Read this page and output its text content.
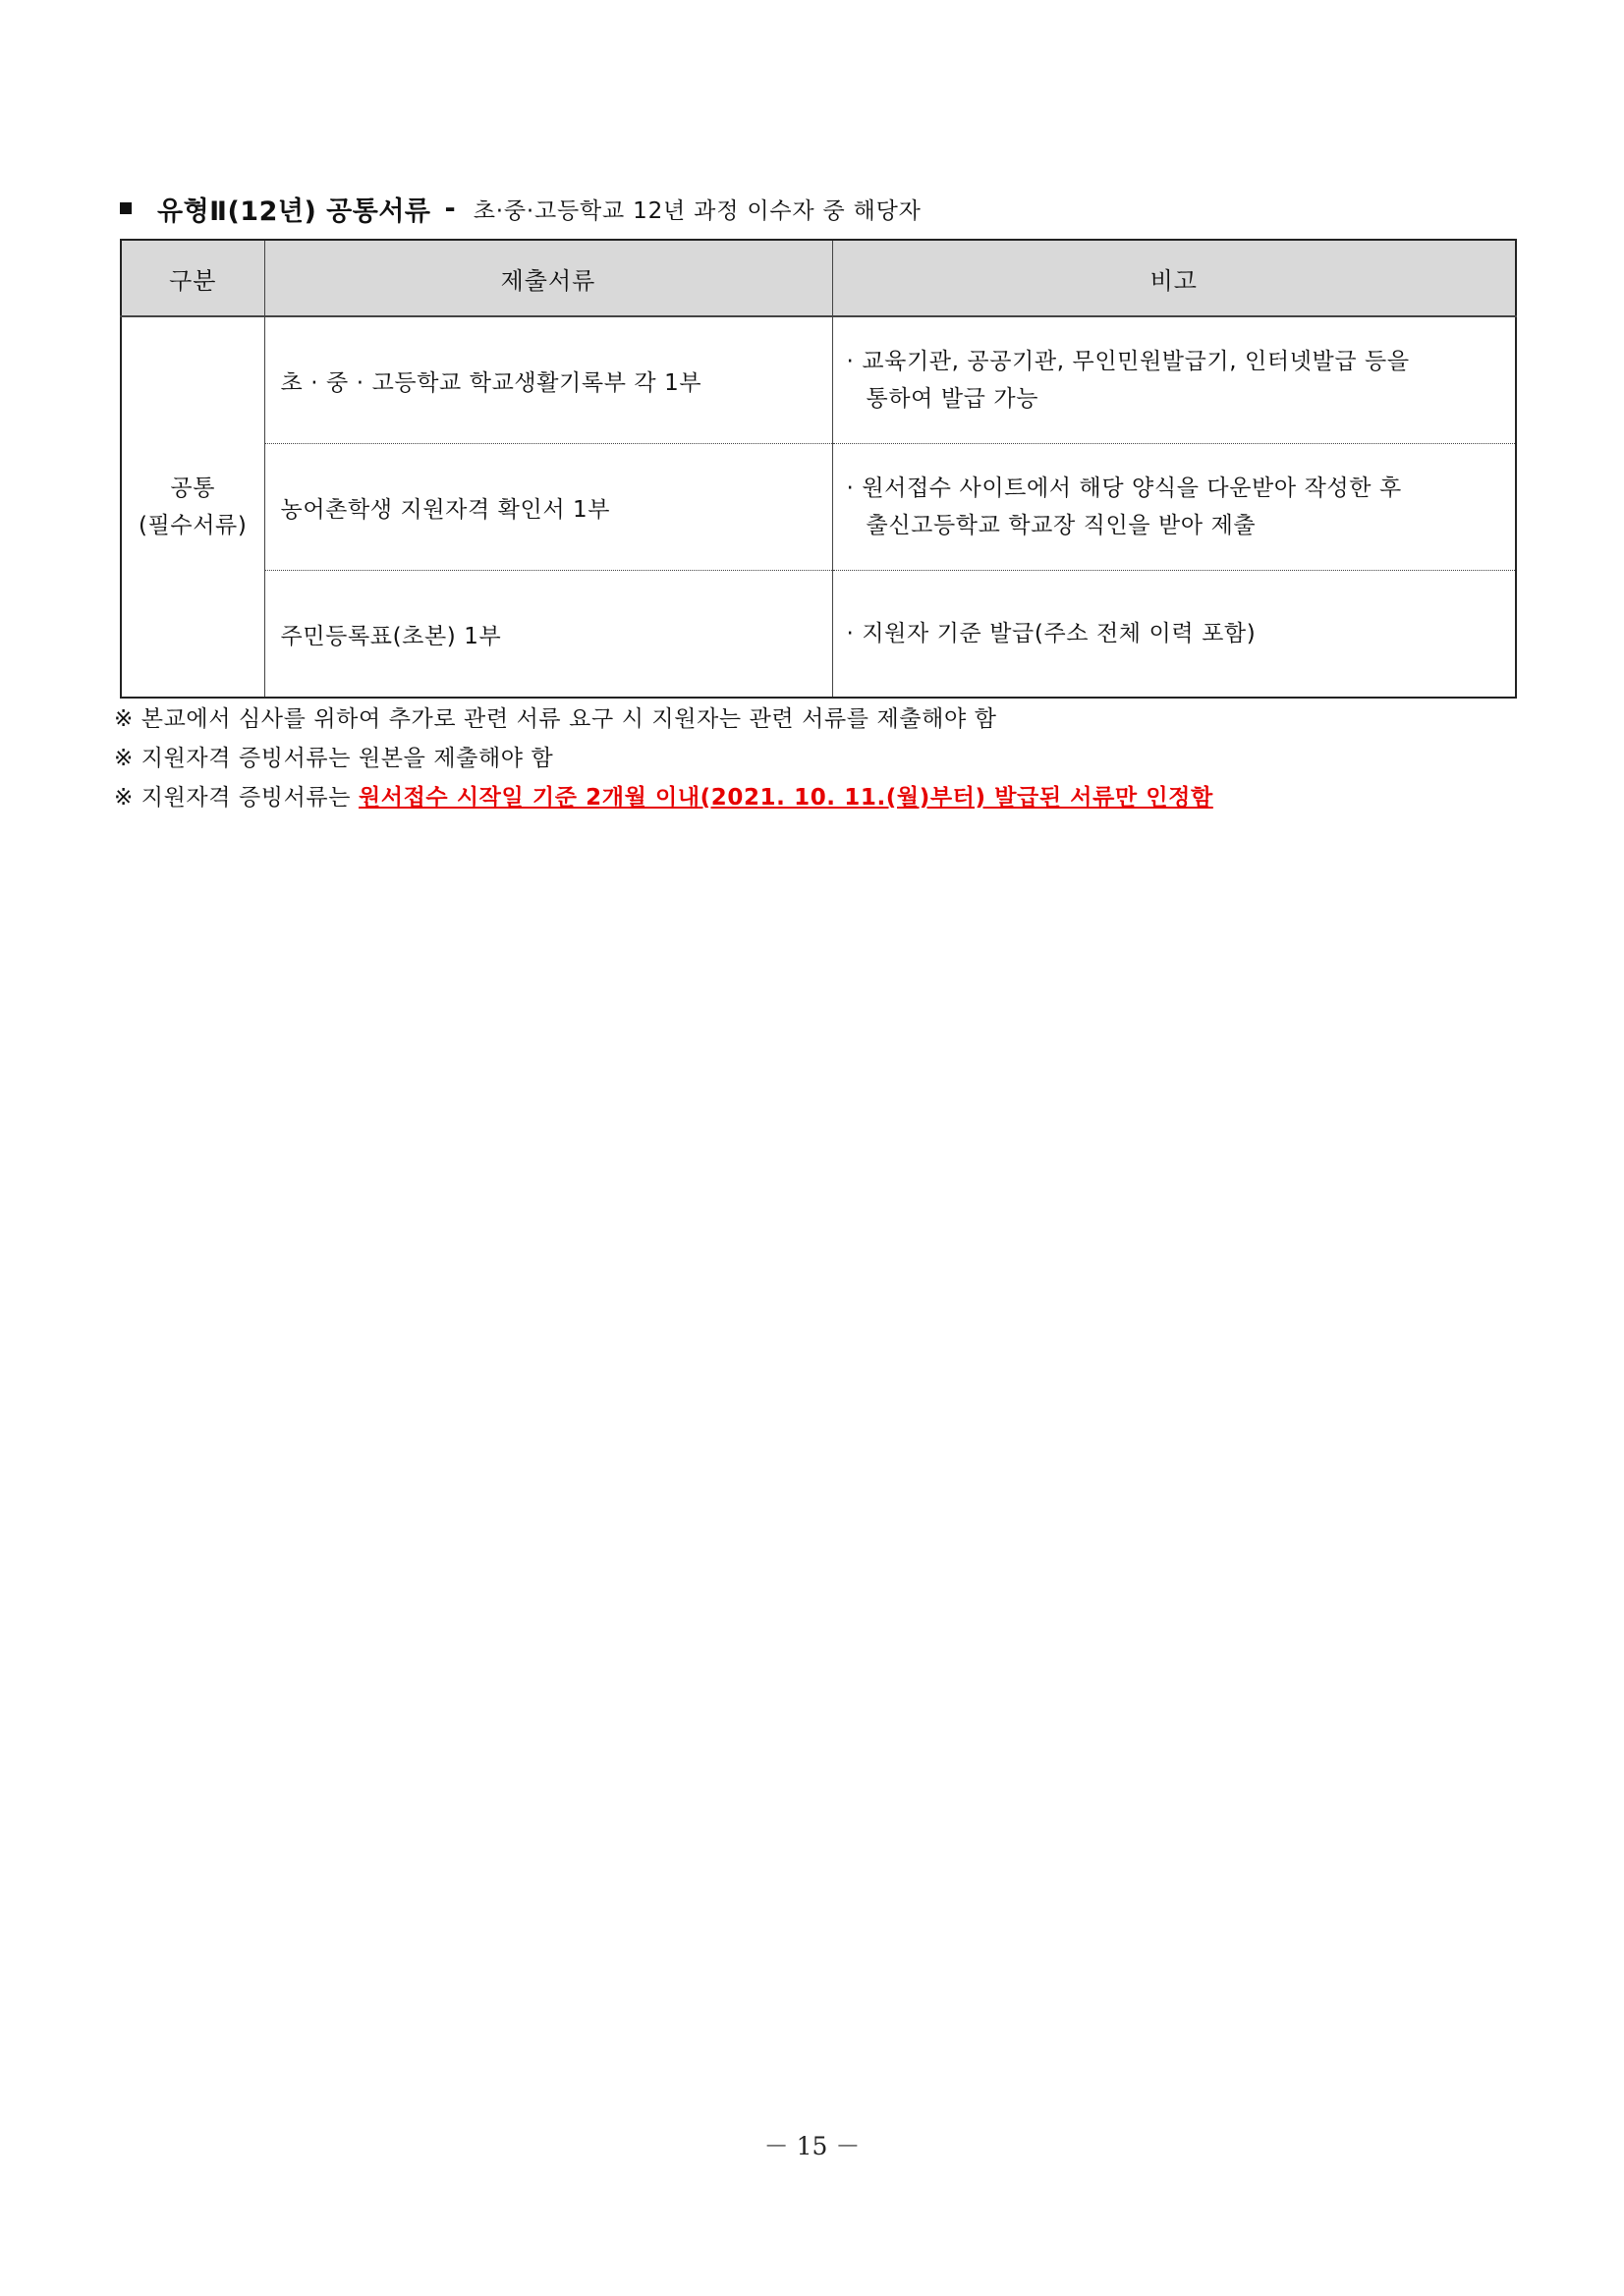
유형Ⅱ(12년) 공통서류 - 초·중·고등학교 12년 과정 이수자 중 해당자
구분	제출서류	비고

공통
(필수서류)	초 · 중 · 고등학교 학교생활기록부 각 1부	· 교육기관, 공공기관, 무인민원발급기, 인터넷발급 등을
통하여 발급 가능

	농어촌학생 지원자격 확인서 1부	· 원서접수 사이트에서 해당 양식을 다운받아 작성한 후
출신고등학교 학교장 직인을 받아 제출

	주민등록표(초본) 1부	· 지원자 기준 발급(주소 전체 이력 포함)
※ 본교에서 심사를 위하여 추가로 관련 서류 요구 시 지원자는 관련 서류를 제출해야 함
※ 지원자격 증빙서류는 원본을 제출해야 함
※ 지원자격 증빙서류는 원서접수 시작일 기준 2개월 이내(2021. 10. 11.(월)부터) 발급된 서류만 인정함
－ 15 －
